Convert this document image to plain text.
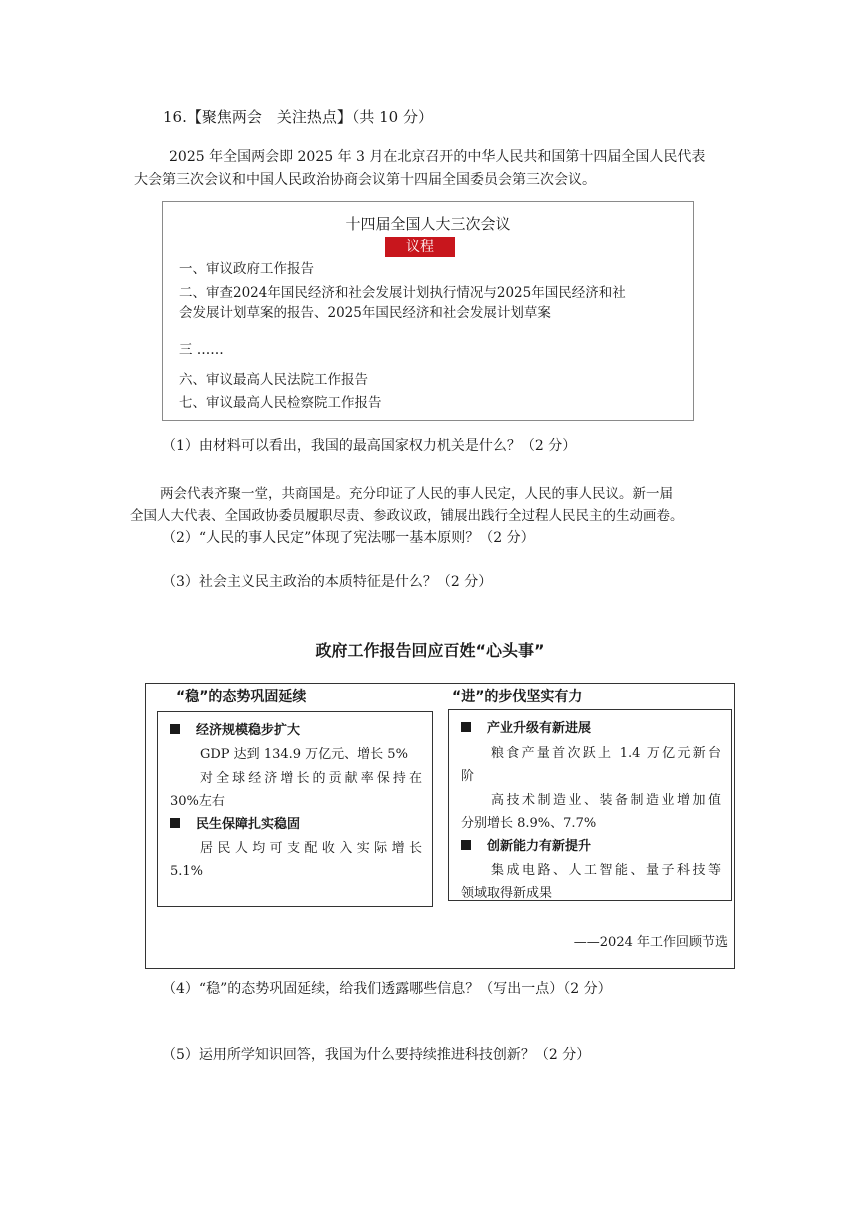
16.【聚焦两会　关注热点】（共 10 分）
2025 年全国两会即 2025 年 3 月在北京召开的中华人民共和国第十四届全国人民代表
大会第三次会议和中国人民政治协商会议第十四届全国委员会第三次会议。
十四届全国人大三次会议
议程
一、审议政府工作报告
二、审查2024年国民经济和社会发展计划执行情况与2025年国民经济和社
会发展计划草案的报告、2025年国民经济和社会发展计划草案
三 ……
六、审议最高人民法院工作报告
七、审议最高人民检察院工作报告
（1）由材料可以看出，我国的最高国家权力机关是什么？（2 分）
两会代表齐聚一堂，共商国是。充分印证了人民的事人民定，人民的事人民议。新一届
全国人大代表、全国政协委员履职尽责、参政议政，铺展出践行全过程人民民主的生动画卷。
（2）“人民的事人民定”体现了宪法哪一基本原则？（2 分）
（3）社会主义民主政治的本质特征是什么？（2 分）
政府工作报告回应百姓“心头事”
“稳”的态势巩固延续	“进”的步伐坚实有力
经济规模稳步扩大
GDP 达到 134.9 万亿元、增长 5%
对全球经济增长的贡献率保持在
30%左右
民生保障扎实稳固
居民人均可支配收入实际增长
5.1%
产业升级有新进展
粮食产量首次跃上 1.4 万亿元新台
阶
高技术制造业、装备制造业增加值
分别增长 8.9%、7.7%
创新能力有新提升
集成电路、人工智能、量子科技等
领域取得新成果
——2024 年工作回顾节选
（4）“稳”的态势巩固延续，给我们透露哪些信息？（写出一点）（2 分）
（5）运用所学知识回答，我国为什么要持续推进科技创新？（2 分）
